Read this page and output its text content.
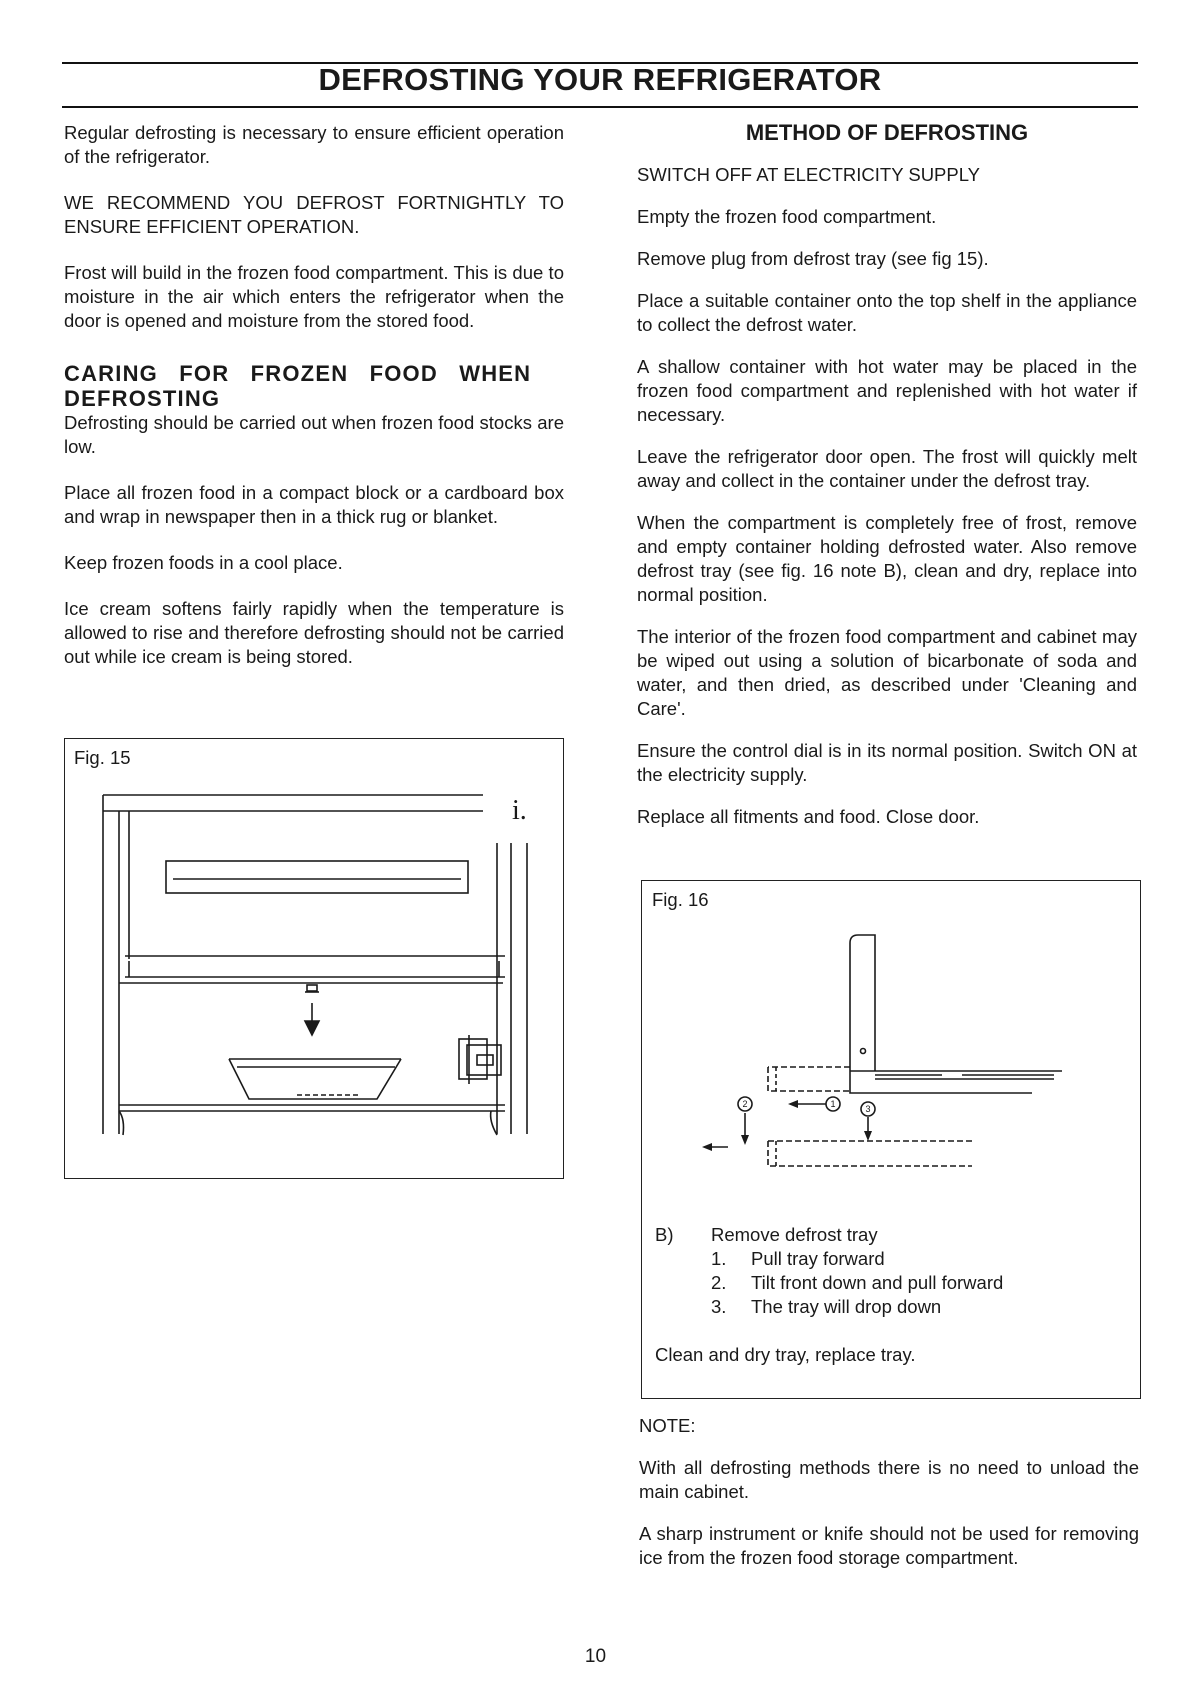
DEFROSTING YOUR REFRIGERATOR

Regular defrosting is necessary to ensure efficient operation of the refrigerator.

WE RECOMMEND YOU DEFROST FORTNIGHTLY TO ENSURE EFFICIENT OPERATION.

Frost will build in the frozen food compartment. This is due to moisture in the air which enters the refrigerator when the door is opened and moisture from the stored food.

CARING FOR FROZEN FOOD WHEN DEFROSTING

Defrosting should be carried out when frozen food stocks are low.

Place all frozen food in a compact block or a cardboard box and wrap in newspaper then in a thick rug or blanket.

Keep frozen foods in a cool place.

Ice cream softens fairly rapidly when the temperature is allowed to rise and therefore defrosting should not be carried out while ice cream is being stored.

Fig. 15
i.
METHOD OF DEFROSTING

SWITCH OFF AT ELECTRICITY SUPPLY

Empty the frozen food compartment.

Remove plug from defrost tray (see fig 15).

Place a suitable container onto the top shelf in the appliance to collect the defrost water.

A shallow container with hot water may be placed in the frozen food compartment and replenished with hot water if necessary.

Leave the refrigerator door open. The frost will quickly melt away and collect in the container under the defrost tray.

When the compartment is completely free of frost, remove and empty container holding defrosted water. Also remove defrost tray (see fig. 16 note B), clean and dry, replace into normal position.

The interior of the frozen food compartment and cabinet may be wiped out using a solution of bicarbonate of soda and water, and then dried, as described under 'Cleaning and Care'.

Ensure the control dial is in its normal position. Switch ON at the electricity supply.

Replace all fitments and food. Close door.

Fig. 16
1
2	3
B)	Remove defrost tray
1.	Pull tray forward
2.	Tilt front down and pull forward
3.	The tray will drop down
Clean and dry tray, replace tray.

NOTE:

With all defrosting methods there is no need to unload the main cabinet.

A sharp instrument or knife should not be used for removing ice from the frozen food storage compartment.

10
